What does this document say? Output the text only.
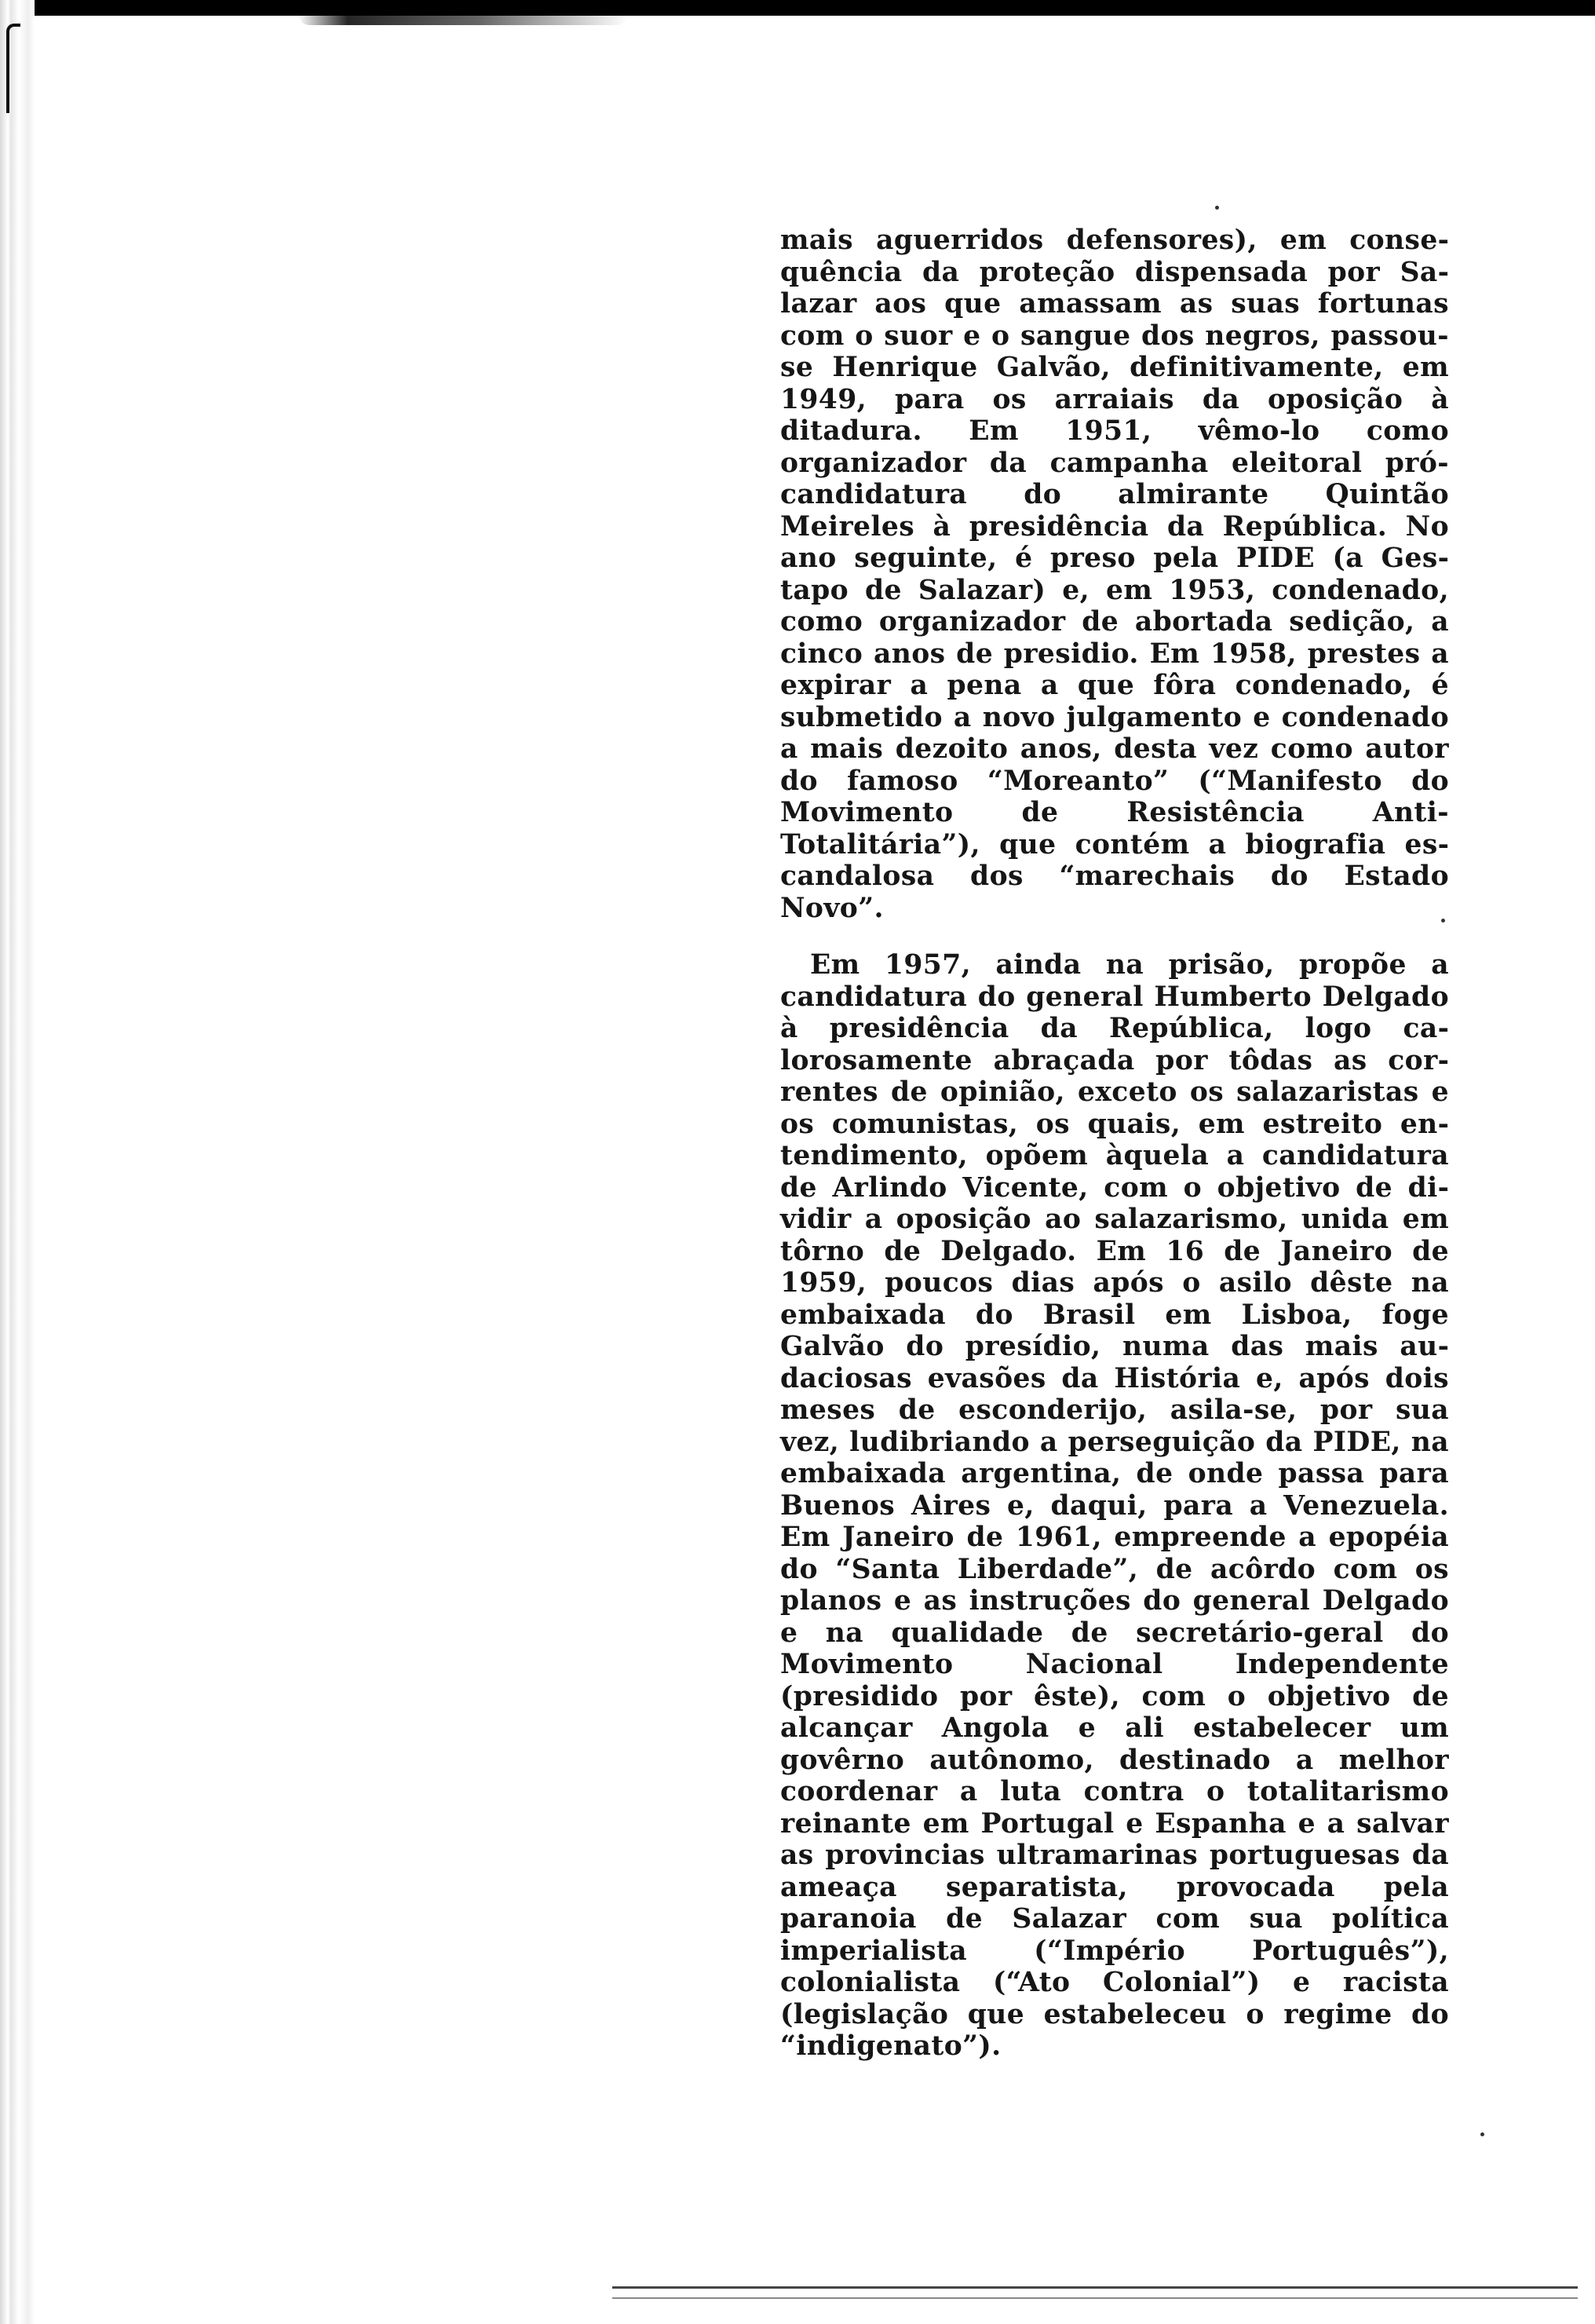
mais aguerridos defensores), em consequência da proteção dispensada por Salazar aos que amassam as suas fortunas com o suor e o sangue dos negros, passou-se Henrique Galvão, definitivamente, em 1949, para os arraiais da oposição à ditadura. Em 1951, vêmo-lo como organizador da campanha eleitoral pró-candidatura do almirante Quintão Meireles à presidência da República. No ano seguinte, é preso pela PIDE (a Gestapo de Salazar) e, em 1953, condenado, como organizador de abortada sedição, a cinco anos de presidio. Em 1958, prestes a expirar a pena a que fôra condenado, é submetido a novo julgamento e condenado a mais dezoito anos, desta vez como autor do famoso “Moreanto” (“Manifesto do Movimento de Resistência Anti-Totalitária”), que contém a biografia escandalosa dos “marechais do Estado Novo”.

Em 1957, ainda na prisão, propõe a candidatura do general Humberto Delgado à presidência da República, logo calorosamente abraçada por tôdas as correntes de opinião, exceto os salazaristas e os comunistas, os quais, em estreito entendimento, opõem àquela a candidatura de Arlindo Vicente, com o objetivo de dividir a oposição ao salazarismo, unida em tôrno de Delgado. Em 16 de Janeiro de 1959, poucos dias após o asilo dêste na embaixada do Brasil em Lisboa, foge Galvão do presídio, numa das mais audaciosas evasões da História e, após dois meses de esconderijo, asila-se, por sua vez, ludibriando a perseguição da PIDE, na embaixada argentina, de onde passa para Buenos Aires e, daqui, para a Venezuela. Em Janeiro de 1961, empreende a epopéia do “Santa Liberdade”, de acôrdo com os planos e as instruções do general Delgado e na qualidade de secretário-geral do Movimento Nacional Independente (presidido por êste), com o objetivo de alcançar Angola e ali estabelecer um govêrno autônomo, destinado a melhor coordenar a luta contra o totalitarismo reinante em Portugal e Espanha e a salvar as provincias ultramarinas portuguesas da ameaça separatista, provocada pela paranoia de Salazar com sua política imperialista (“Império Português”), colonialista (“Ato Colonial”) e racista (legislação que estabeleceu o regime do “indigenato”).
